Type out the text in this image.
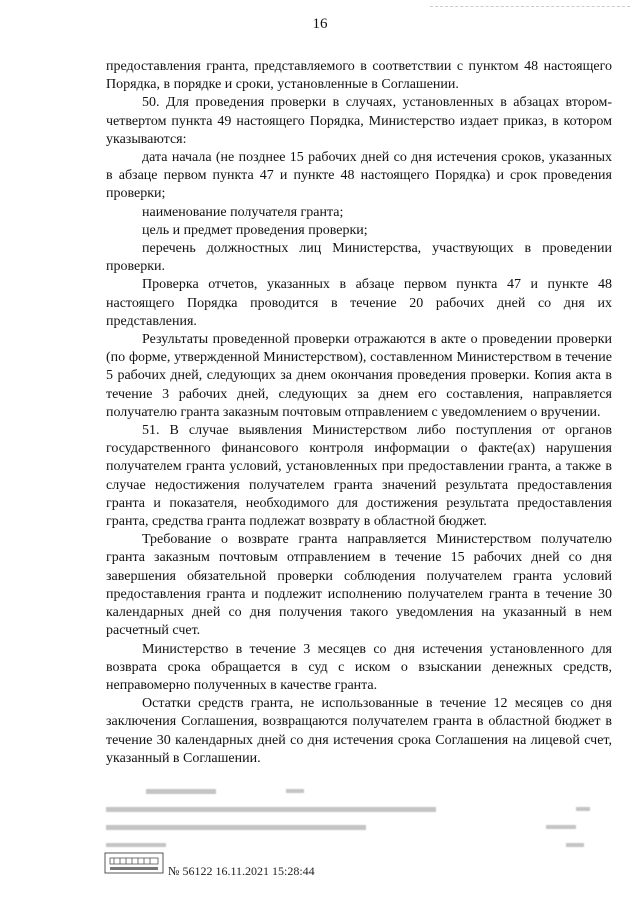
16

предоставления гранта, представляемого в соответствии с пунктом 48 настоящего Порядка, в порядке и сроки, установленные в Соглашении.

50. Для проведения проверки в случаях, установленных в абзацах втором-четвертом пункта 49 настоящего Порядка, Министерство издает приказ, в котором указываются:

дата начала (не позднее 15 рабочих дней со дня истечения сроков, указанных в абзаце первом пункта 47 и пункте 48 настоящего Порядка) и срок проведения проверки;

наименование получателя гранта;

цель и предмет проведения проверки;

перечень должностных лиц Министерства, участвующих в проведении проверки.

Проверка отчетов, указанных в абзаце первом пункта 47 и пункте 48 настоящего Порядка проводится в течение 20 рабочих дней со дня их представления.

Результаты проведенной проверки отражаются в акте о проведении проверки (по форме, утвержденной Министерством), составленном Министерством в течение 5 рабочих дней, следующих за днем окончания проведения проверки. Копия акта в течение 3 рабочих дней, следующих за днем его составления, направляется получателю гранта заказным почтовым отправлением с уведомлением о вручении.

51. В случае выявления Министерством либо поступления от органов государственного финансового контроля информации о факте(ах) нарушения получателем гранта условий, установленных при предоставлении гранта, а также в случае недостижения получателем гранта значений результата предоставления гранта и показателя, необходимого для достижения результата предоставления гранта, средства гранта подлежат возврату в областной бюджет.

Требование о возврате гранта направляется Министерством получателю гранта заказным почтовым отправлением в течение 15 рабочих дней со дня завершения обязательной проверки соблюдения получателем гранта условий предоставления гранта и подлежит исполнению получателем гранта в течение 30 календарных дней со дня получения такого уведомления на указанный в нем расчетный счет.

Министерство в течение 3 месяцев со дня истечения установленного для возврата срока обращается в суд с иском о взыскании денежных средств, неправомерно полученных в качестве гранта.

Остатки средств гранта, не использованные в течение 12 месяцев со дня заключения Соглашения, возвращаются получателем гранта в областной бюджет в течение 30 календарных дней со дня истечения срока Соглашения на лицевой счет, указанный в Соглашении.

№ 56122 16.11.2021 15:28:44
